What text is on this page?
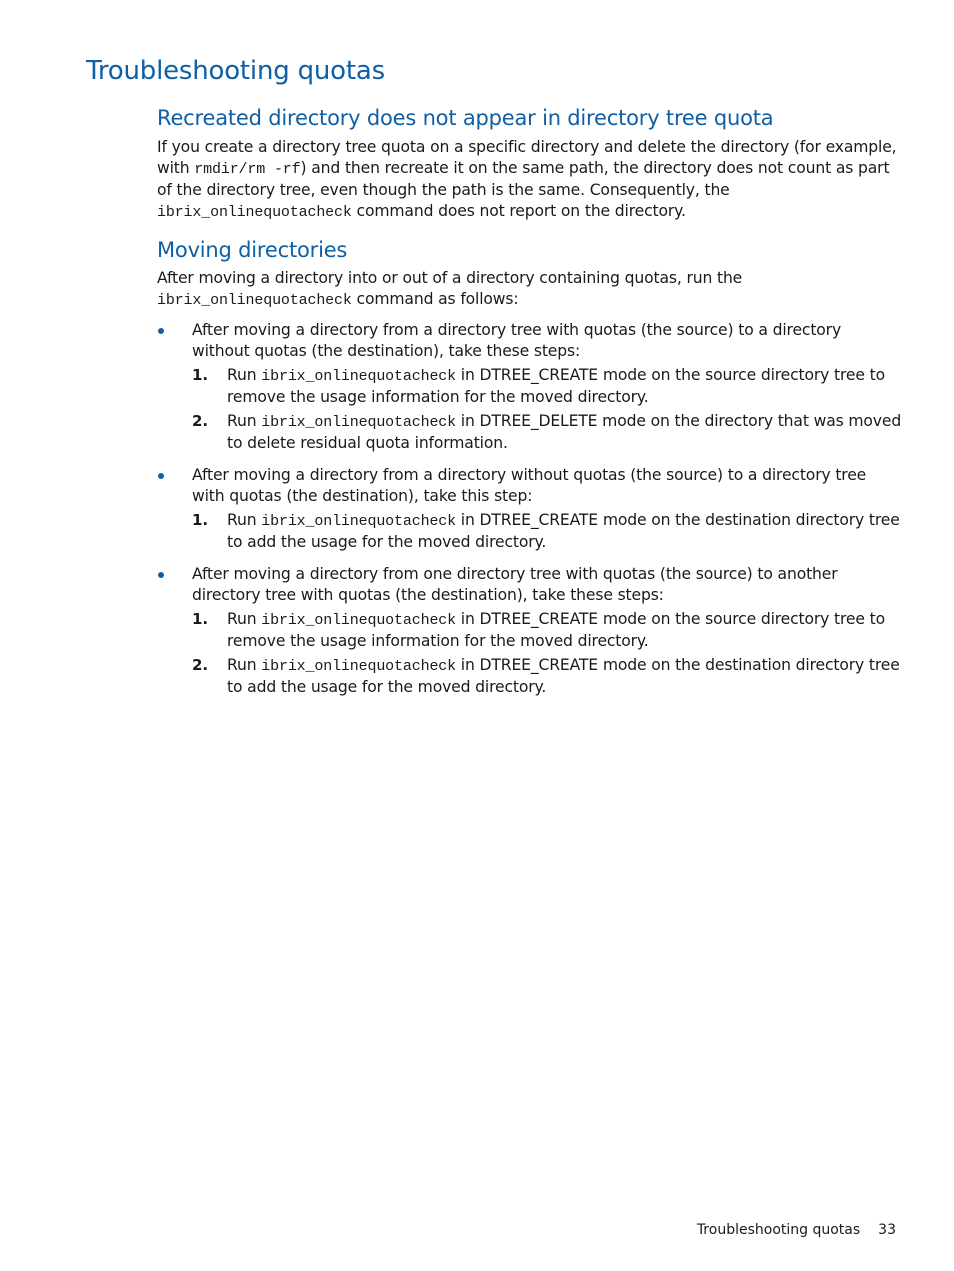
Troubleshooting quotas
Recreated directory does not appear in directory tree quota

If you create a directory tree quota on a specific directory and delete the directory (for example, with rmdir/rm -rf) and then recreate it on the same path, the directory does not count as part of the directory tree, even though the path is the same. Consequently, the ibrix_onlinequotacheck command does not report on the directory.

Moving directories

After moving a directory into or out of a directory containing quotas, run the ibrix_onlinequotacheck command as follows:

After moving a directory from a directory tree with quotas (the source) to a directory without quotas (the destination), take these steps:

1. Run ibrix_onlinequotacheck in DTREE_CREATE mode on the source directory tree to remove the usage information for the moved directory.

2. Run ibrix_onlinequotacheck in DTREE_DELETE mode on the directory that was moved to delete residual quota information.

After moving a directory from a directory without quotas (the source) to a directory tree with quotas (the destination), take this step:

1. Run ibrix_onlinequotacheck in DTREE_CREATE mode on the destination directory tree to add the usage for the moved directory.

After moving a directory from one directory tree with quotas (the source) to another directory tree with quotas (the destination), take these steps:

1. Run ibrix_onlinequotacheck in DTREE_CREATE mode on the source directory tree to remove the usage information for the moved directory.

2. Run ibrix_onlinequotacheck in DTREE_CREATE mode on the destination directory tree to add the usage for the moved directory.

Troubleshooting quotas 33
